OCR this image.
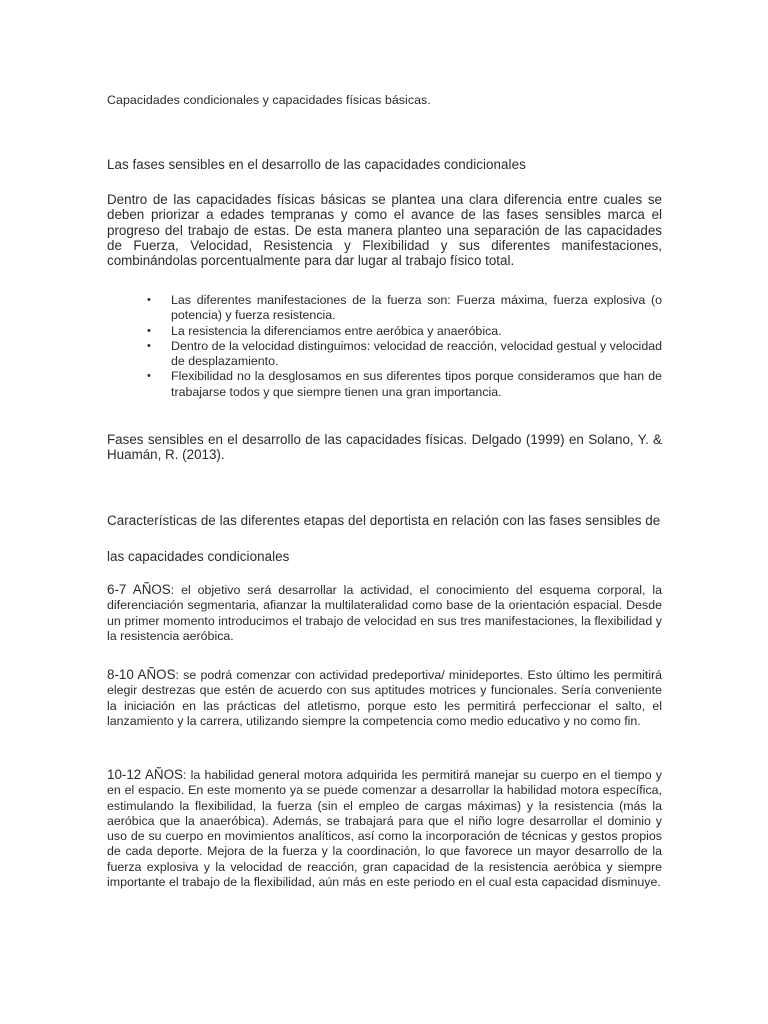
Capacidades condicionales y capacidades físicas básicas.
Las fases sensibles en el desarrollo de las capacidades condicionales
Dentro de las capacidades físicas básicas se plantea una clara diferencia entre cuales se deben priorizar a edades tempranas y como el avance de las fases sensibles marca el progreso del trabajo de estas. De esta manera planteo una separación de las capacidades de Fuerza, Velocidad, Resistencia y Flexibilidad y sus diferentes manifestaciones, combinándolas porcentualmente para dar lugar al trabajo físico total.
• Las diferentes manifestaciones de la fuerza son: Fuerza máxima, fuerza explosiva (o potencia) y fuerza resistencia.
• La resistencia la diferenciamos entre aeróbica y anaeróbica.
• Dentro de la velocidad distinguimos: velocidad de reacción, velocidad gestual y velocidad de desplazamiento.
• Flexibilidad no la desglosamos en sus diferentes tipos porque consideramos que han de trabajarse todos y que siempre tienen una gran importancia.
Fases sensibles en el desarrollo de las capacidades físicas. Delgado (1999) en Solano, Y. & Huamán, R. (2013).
Características de las diferentes etapas del deportista en relación con las fases sensibles de
las capacidades condicionales
6-7 AÑOS: el objetivo será desarrollar la actividad, el conocimiento del esquema corporal, la diferenciación segmentaria, afianzar la multilateralidad como base de la orientación espacial. Desde un primer momento introducimos el trabajo de velocidad en sus tres manifestaciones, la flexibilidad y la resistencia aeróbica.
8-10 AÑOS: se podrá comenzar con actividad predeportiva/ minideportes. Esto último les permitirá elegir destrezas que estén de acuerdo con sus aptitudes motrices y funcionales. Sería conveniente la iniciación en las prácticas del atletismo, porque esto les permitirá perfeccionar el salto, el lanzamiento y la carrera, utilizando siempre la competencia como medio educativo y no como fin.
10-12 AÑOS: la habilidad general motora adquirida les permitirá manejar su cuerpo en el tiempo y en el espacio. En este momento ya se puede comenzar a desarrollar la habilidad motora específica, estimulando la flexibilidad, la fuerza (sin el empleo de cargas máximas) y la resistencia (más la aeróbica que la anaeróbica). Además, se trabajará para que el niño logre desarrollar el dominio y uso de su cuerpo en movimientos analíticos, así como la incorporación de técnicas y gestos propios de cada deporte. Mejora de la fuerza y la coordinación, lo que favorece un mayor desarrollo de la fuerza explosiva y la velocidad de reacción, gran capacidad de la resistencia aeróbica y siempre importante el trabajo de la flexibilidad, aún más en este periodo en el cual esta capacidad disminuye.
